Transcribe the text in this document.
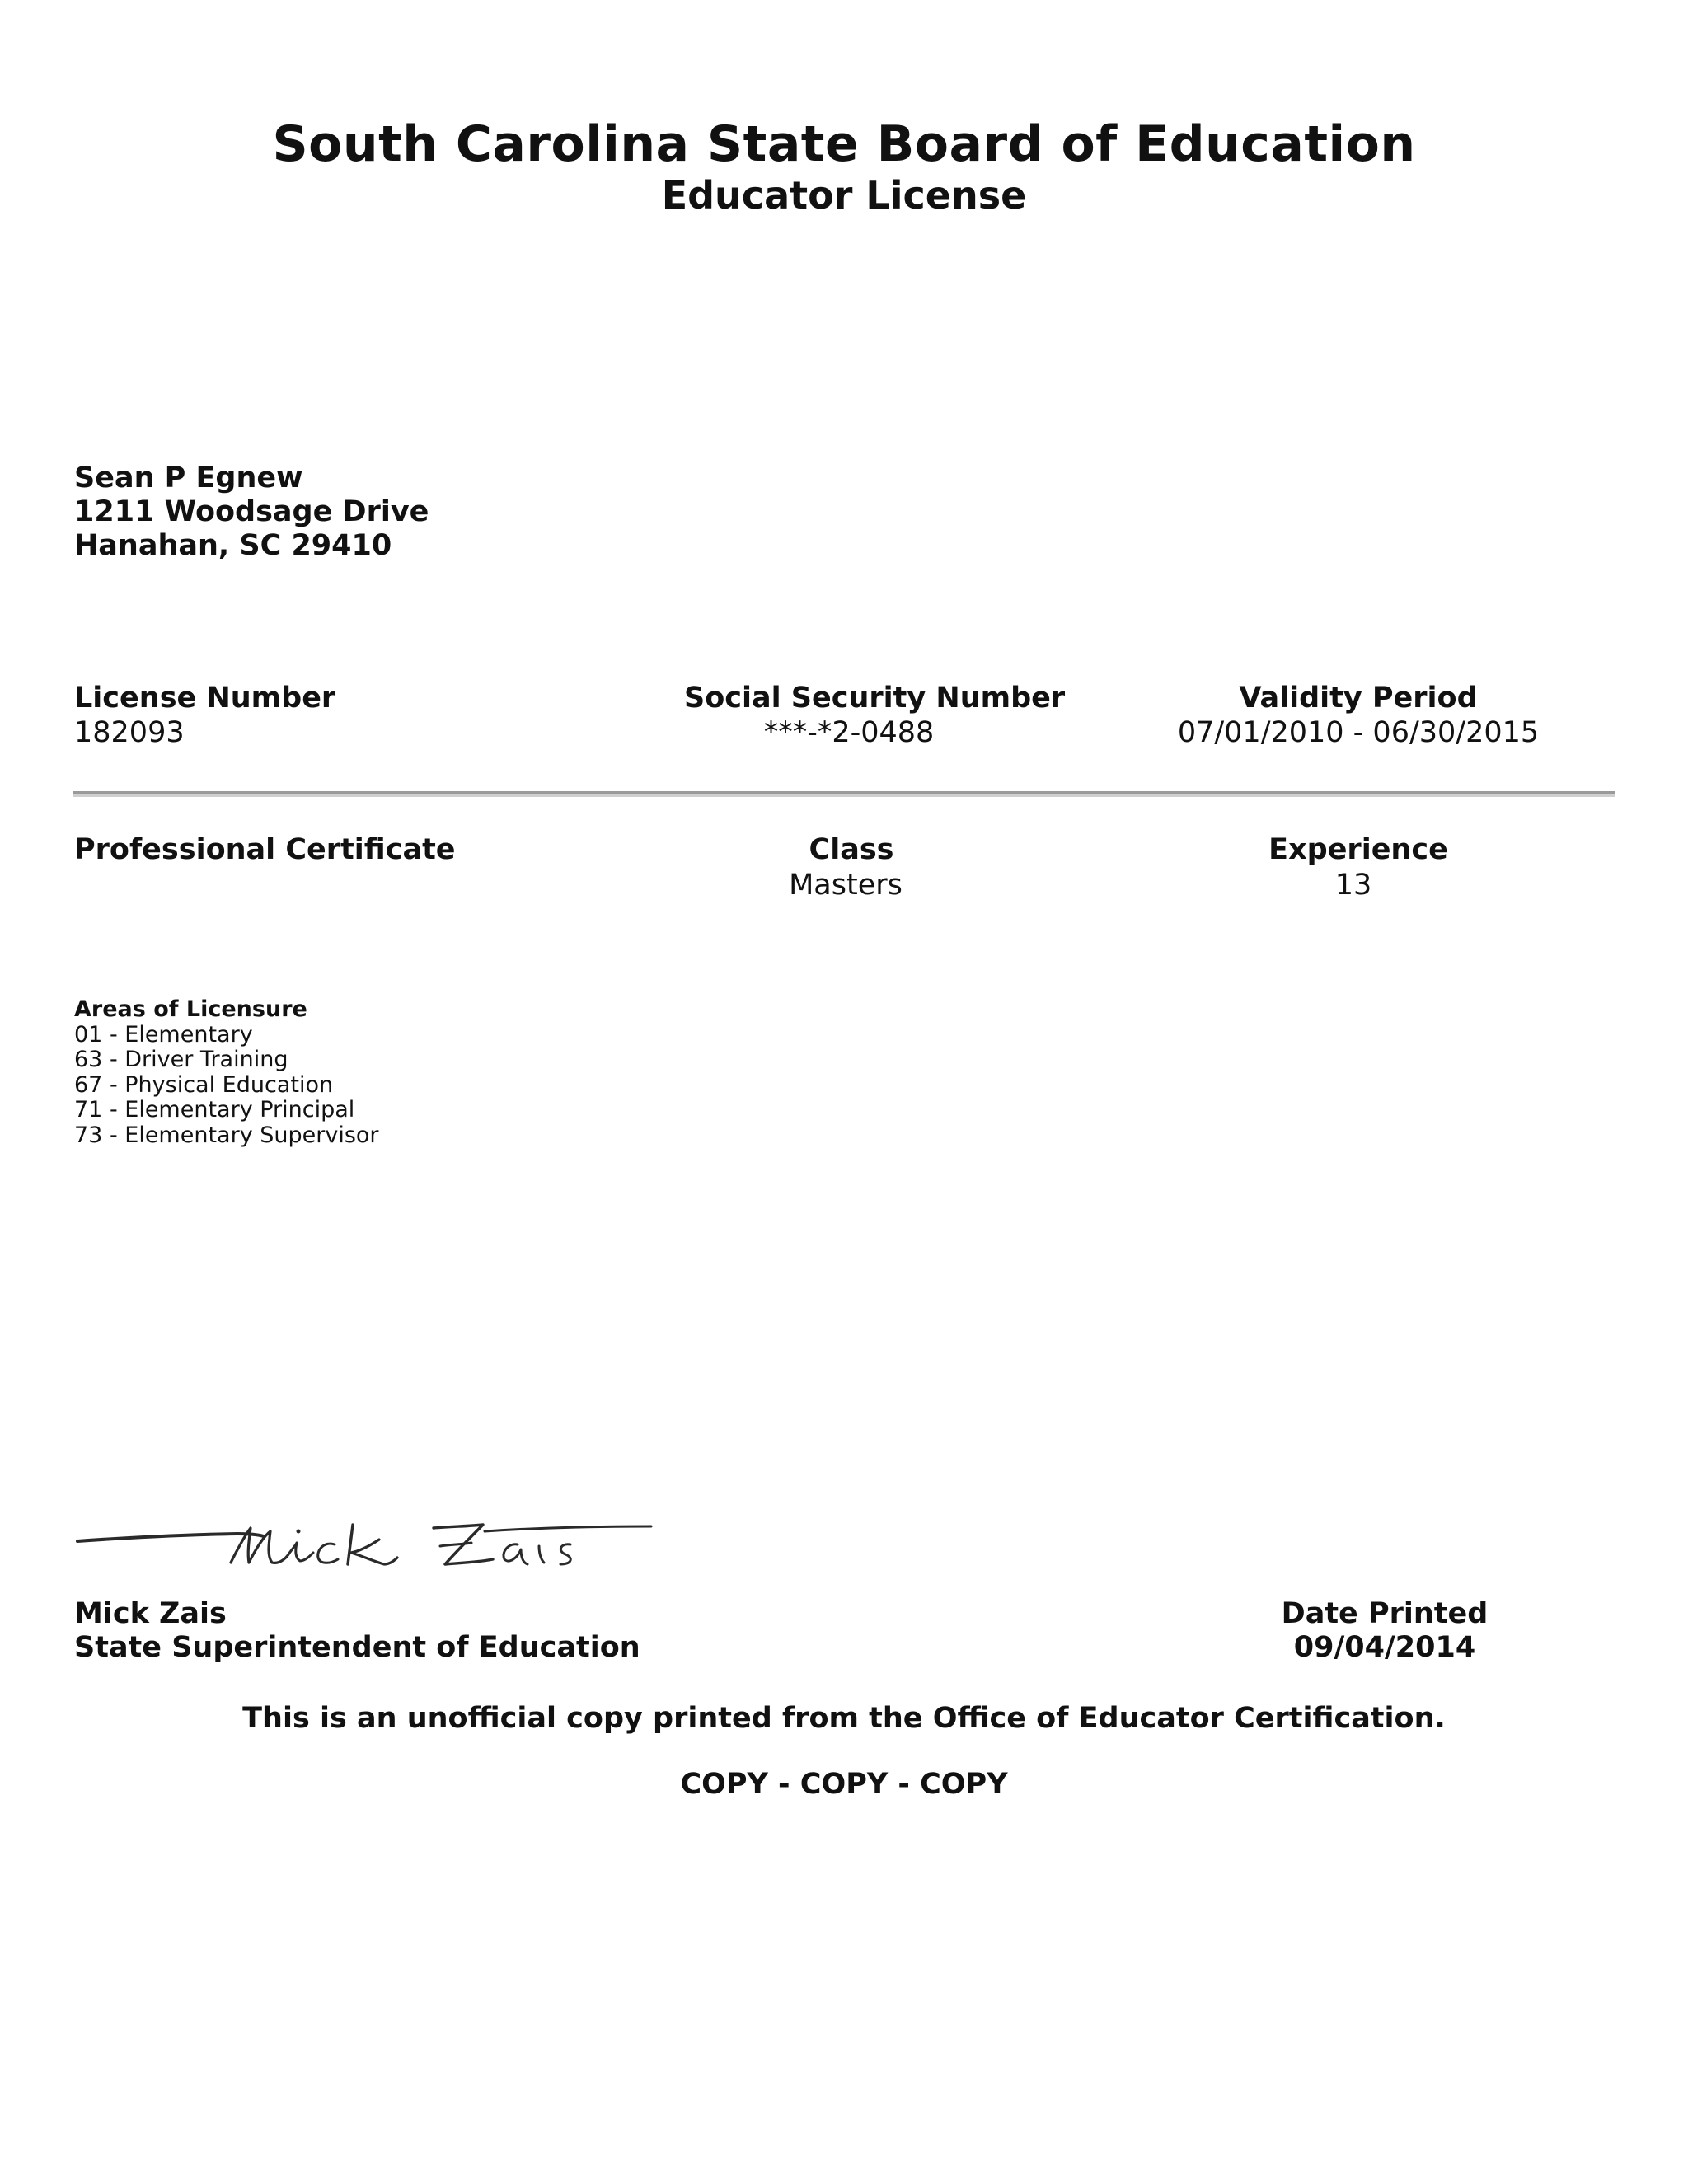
South Carolina State Board of Education
Educator License
Sean P Egnew
1211 Woodsage Drive
Hanahan, SC 29410
License Number
182093
Social Security Number
***-*2-0488
Validity Period
07/01/2010 - 06/30/2015
Professional Certificate	Class
Masters
Experience
13
Areas of Licensure
01 - Elementary
63 - Driver Training
67 - Physical Education
71 - Elementary Principal
73 - Elementary Supervisor
Mick Zais
State Superintendent of Education
Date Printed
09/04/2014
This is an unofficial copy printed from the Office of Educator Certification.
COPY - COPY - COPY
